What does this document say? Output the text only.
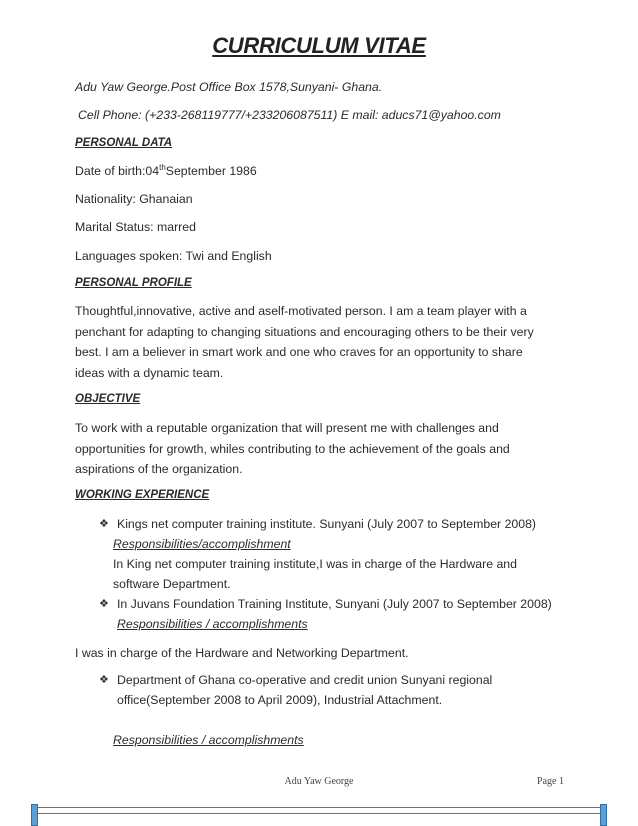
CURRICULUM VITAE
Adu Yaw George.Post Office Box 1578,Sunyani- Ghana.
Cell Phone: (+233-268119777/+233206087511) E mail: aducs71@yahoo.com
PERSONAL DATA
Date of birth:04thSeptember 1986
Nationality: Ghanaian
Marital Status: marred
Languages spoken: Twi and English
PERSONAL PROFILE
Thoughtful,innovative, active and aself-motivated person. I am a team player with a penchant for adapting to changing situations and encouraging others to be their very best. I am a believer in smart work and one who craves for an opportunity to share ideas with a dynamic team.
OBJECTIVE
To work with a reputable organization that will present me with challenges and opportunities for growth, whiles contributing to the achievement of the goals and aspirations of the organization.
WORKING EXPERIENCE
❖ Kings net computer training institute. Sunyani (July 2007 to September 2008)
Responsibilities/accomplishment
In King net computer training institute,I was in charge of the Hardware and
software Department.
❖ In Juvans Foundation Training Institute, Sunyani (July 2007 to September 2008)
Responsibilities / accomplishments
I was in charge of the Hardware and Networking Department.
❖ Department of Ghana co-operative and credit union Sunyani regional
office(September 2008 to April 2009), Industrial Attachment.
Responsibilities / accomplishments
Adu Yaw George	Page 1
